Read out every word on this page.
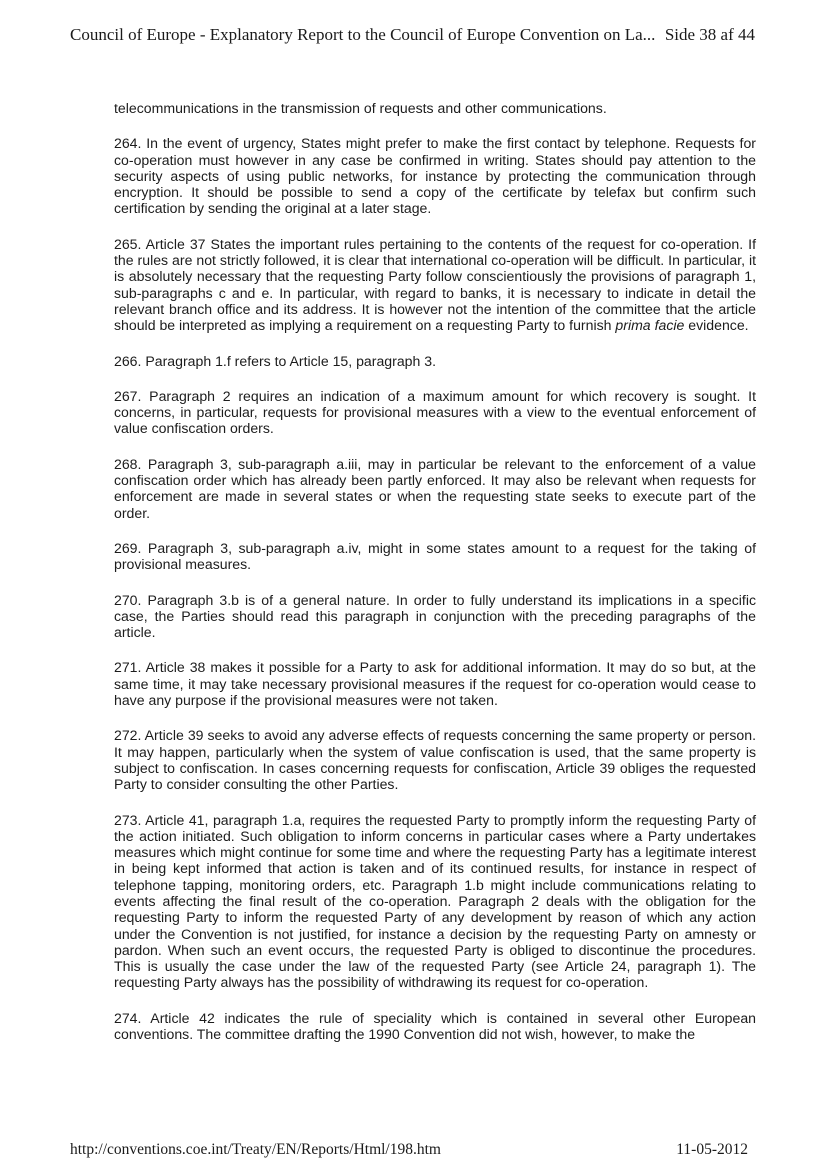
Council of Europe - Explanatory Report to the Council of Europe Convention on La... Side 38 af 44

telecommunications in the transmission of requests and other communications.

264. In the event of urgency, States might prefer to make the first contact by telephone. Requests for co-operation must however in any case be confirmed in writing. States should pay attention to the security aspects of using public networks, for instance by protecting the communication through encryption. It should be possible to send a copy of the certificate by telefax but confirm such certification by sending the original at a later stage.

265. Article 37 States the important rules pertaining to the contents of the request for co-operation. If the rules are not strictly followed, it is clear that international co-operation will be difficult. In particular, it is absolutely necessary that the requesting Party follow conscientiously the provisions of paragraph 1, sub-paragraphs c and e. In particular, with regard to banks, it is necessary to indicate in detail the relevant branch office and its address. It is however not the intention of the committee that the article should be interpreted as implying a requirement on a requesting Party to furnish prima facie evidence.

266. Paragraph 1.f refers to Article 15, paragraph 3.

267. Paragraph 2 requires an indication of a maximum amount for which recovery is sought. It concerns, in particular, requests for provisional measures with a view to the eventual enforcement of value confiscation orders.

268. Paragraph 3, sub-paragraph a.iii, may in particular be relevant to the enforcement of a value confiscation order which has already been partly enforced. It may also be relevant when requests for enforcement are made in several states or when the requesting state seeks to execute part of the order.

269. Paragraph 3, sub-paragraph a.iv, might in some states amount to a request for the taking of provisional measures.

270. Paragraph 3.b is of a general nature. In order to fully understand its implications in a specific case, the Parties should read this paragraph in conjunction with the preceding paragraphs of the article.

271. Article 38 makes it possible for a Party to ask for additional information. It may do so but, at the same time, it may take necessary provisional measures if the request for co-operation would cease to have any purpose if the provisional measures were not taken.

272. Article 39 seeks to avoid any adverse effects of requests concerning the same property or person. It may happen, particularly when the system of value confiscation is used, that the same property is subject to confiscation. In cases concerning requests for confiscation, Article 39 obliges the requested Party to consider consulting the other Parties.

273. Article 41, paragraph 1.a, requires the requested Party to promptly inform the requesting Party of the action initiated. Such obligation to inform concerns in particular cases where a Party undertakes measures which might continue for some time and where the requesting Party has a legitimate interest in being kept informed that action is taken and of its continued results, for instance in respect of telephone tapping, monitoring orders, etc. Paragraph 1.b might include communications relating to events affecting the final result of the co-operation. Paragraph 2 deals with the obligation for the requesting Party to inform the requested Party of any development by reason of which any action under the Convention is not justified, for instance a decision by the requesting Party on amnesty or pardon. When such an event occurs, the requested Party is obliged to discontinue the procedures. This is usually the case under the law of the requested Party (see Article 24, paragraph 1). The requesting Party always has the possibility of withdrawing its request for co-operation.

274. Article 42 indicates the rule of speciality which is contained in several other European conventions. The committee drafting the 1990 Convention did not wish, however, to make the

http://conventions.coe.int/Treaty/EN/Reports/Html/198.htm	11-05-2012
